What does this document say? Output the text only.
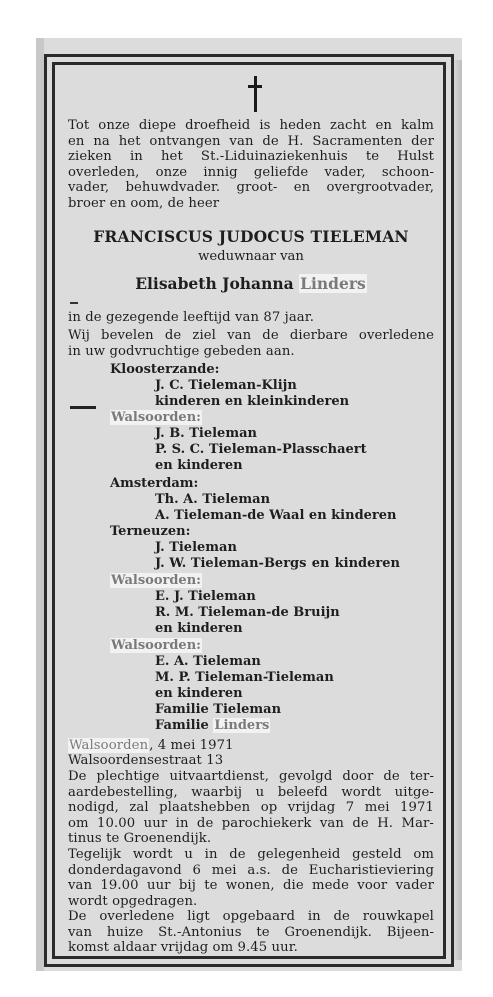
Tot onze diepe droefheid is heden zacht en kalm

en na het ontvangen van de H. Sacramenten der

zieken in het St.-Liduinaziekenhuis te Hulst

overleden, onze innig geliefde vader, schoon-

vader, behuwdvader. groot- en overgrootvader,

broer en oom, de heer

FRANCISCUS JUDOCUS TIELEMAN
weduwnaar van
Elisabeth Johanna Linders
in de gezegende leeftijd van 87 jaar.

Wij bevelen de ziel van de dierbare overledene

in uw godvruchtige gebeden aan.

Kloosterzande:
J. C. Tieleman-Klijn
kinderen en kleinkinderen
Walsoorden:
J. B. Tieleman
P. S. C. Tieleman-Plasschaert
en kinderen
Amsterdam:
Th. A. Tieleman
A. Tieleman-de Waal en kinderen
Terneuzen:
J. Tieleman
J. W. Tieleman-Bergs en kinderen
Walsoorden:
E. J. Tieleman
R. M. Tieleman-de Bruijn
en kinderen
Walsoorden:
E. A. Tieleman
M. P. Tieleman-Tieleman
en kinderen
Familie Tieleman
Familie Linders
Walsoorden, 4 mei 1971
Walsoordensestraat 13

De plechtige uitvaartdienst, gevolgd door de ter-

aardebestelling, waarbij u beleefd wordt uitge-

nodigd, zal plaatshebben op vrijdag 7 mei 1971

om 10.00 uur in de parochiekerk van de H. Mar-

tinus te Groenendijk.

Tegelijk wordt u in de gelegenheid gesteld om

donderdagavond 6 mei a.s. de Eucharistieviering

van 19.00 uur bij te wonen, die mede voor vader

wordt opgedragen.

De overledene ligt opgebaard in de rouwkapel

van huize St.-Antonius te Groenendijk. Bijeen-

komst aldaar vrijdag om 9.45 uur.
